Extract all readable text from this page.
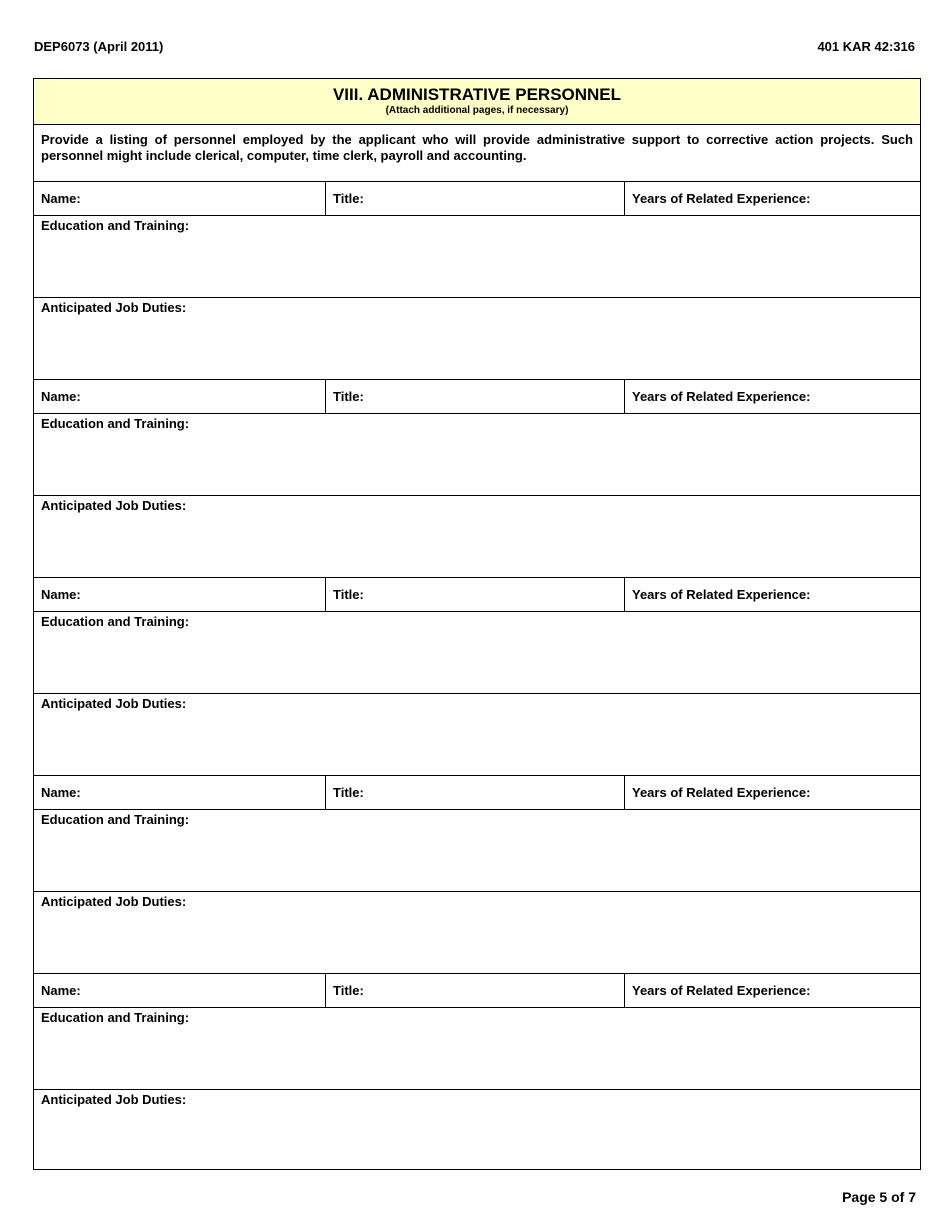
DEP6073 (April 2011)	401 KAR 42:316
VIII. ADMINISTRATIVE PERSONNEL
(Attach additional pages, if necessary)
Provide a listing of personnel employed by the applicant who will provide administrative support to corrective action projects. Such personnel might include clerical, computer, time clerk, payroll and accounting.
Name:	Title:	Years of Related Experience:
Education and Training:
Anticipated Job Duties:
Name:	Title:	Years of Related Experience:
Education and Training:
Anticipated Job Duties:
Name:	Title:	Years of Related Experience:
Education and Training:
Anticipated Job Duties:
Name:	Title:	Years of Related Experience:
Education and Training:
Anticipated Job Duties:
Name:	Title:	Years of Related Experience:
Education and Training:
Anticipated Job Duties:
Page 5 of 7
